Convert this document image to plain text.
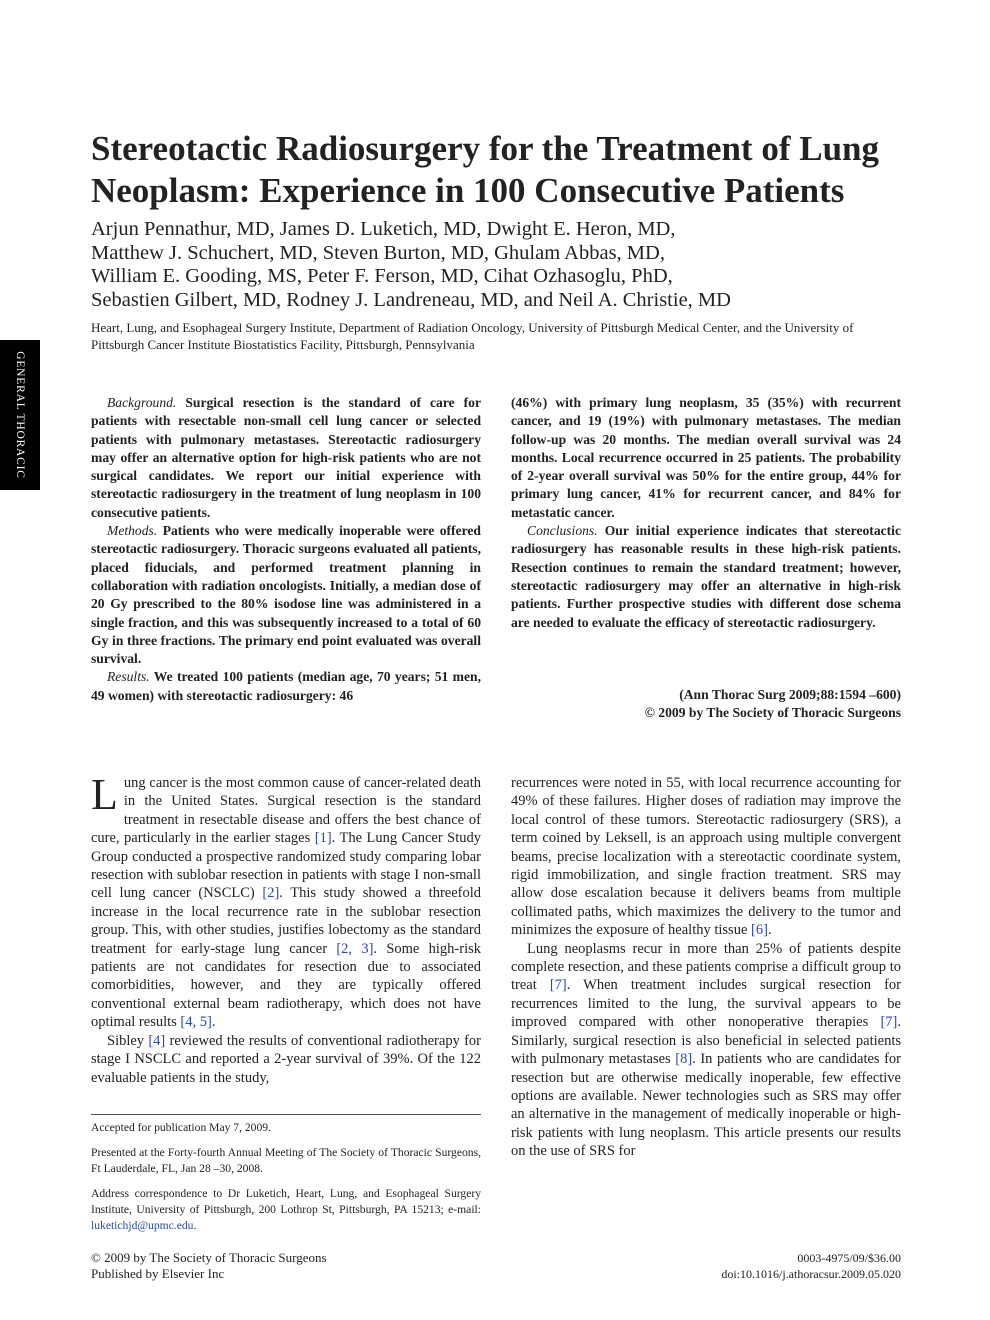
GENERAL THORACIC
Stereotactic Radiosurgery for the Treatment of Lung Neoplasm: Experience in 100 Consecutive Patients
Arjun Pennathur, MD, James D. Luketich, MD, Dwight E. Heron, MD,
Matthew J. Schuchert, MD, Steven Burton, MD, Ghulam Abbas, MD,
William E. Gooding, MS, Peter F. Ferson, MD, Cihat Ozhasoglu, PhD,
Sebastien Gilbert, MD, Rodney J. Landreneau, MD, and Neil A. Christie, MD
Heart, Lung, and Esophageal Surgery Institute, Department of Radiation Oncology, University of Pittsburgh Medical Center, and the University of Pittsburgh Cancer Institute Biostatistics Facility, Pittsburgh, Pennsylvania

Background. Surgical resection is the standard of care for patients with resectable non-small cell lung cancer or selected patients with pulmonary metastases. Stereotactic radiosurgery may offer an alternative option for high-risk patients who are not surgical candidates. We report our initial experience with stereotactic radiosurgery in the treatment of lung neoplasm in 100 consecutive patients.

Methods. Patients who were medically inoperable were offered stereotactic radiosurgery. Thoracic surgeons evaluated all patients, placed fiducials, and performed treatment planning in collaboration with radiation oncologists. Initially, a median dose of 20 Gy prescribed to the 80% isodose line was administered in a single fraction, and this was subsequently increased to a total of 60 Gy in three fractions. The primary end point evaluated was overall survival.

Results. We treated 100 patients (median age, 70 years; 51 men, 49 women) with stereotactic radiosurgery: 46

(46%) with primary lung neoplasm, 35 (35%) with recurrent cancer, and 19 (19%) with pulmonary metastases. The median follow-up was 20 months. The median overall survival was 24 months. Local recurrence occurred in 25 patients. The probability of 2-year overall survival was 50% for the entire group, 44% for primary lung cancer, 41% for recurrent cancer, and 84% for metastatic cancer.

Conclusions. Our initial experience indicates that stereotactic radiosurgery has reasonable results in these high-risk patients. Resection continues to remain the standard treatment; however, stereotactic radiosurgery may offer an alternative in high-risk patients. Further prospective studies with different dose schema are needed to evaluate the efficacy of stereotactic radiosurgery.

(Ann Thorac Surg 2009;88:1594 –600)
© 2009 by The Society of Thoracic Surgeons

Lung cancer is the most common cause of cancer-related death in the United States. Surgical resection is the standard treatment in resectable disease and offers the best chance of cure, particularly in the earlier stages [1]. The Lung Cancer Study Group conducted a prospective randomized study comparing lobar resection with sublobar resection in patients with stage I non-small cell lung cancer (NSCLC) [2]. This study showed a threefold increase in the local recurrence rate in the sublobar resection group. This, with other studies, justifies lobectomy as the standard treatment for early-stage lung cancer [2, 3]. Some high-risk patients are not candidates for resection due to associated comorbidities, however, and they are typically offered conventional external beam radiotherapy, which does not have optimal results [4, 5].

Sibley [4] reviewed the results of conventional radiotherapy for stage I NSCLC and reported a 2-year survival of 39%. Of the 122 evaluable patients in the study,

recurrences were noted in 55, with local recurrence accounting for 49% of these failures. Higher doses of radiation may improve the local control of these tumors. Stereotactic radiosurgery (SRS), a term coined by Leksell, is an approach using multiple convergent beams, precise localization with a stereotactic coordinate system, rigid immobilization, and single fraction treatment. SRS may allow dose escalation because it delivers beams from multiple collimated paths, which maximizes the delivery to the tumor and minimizes the exposure of healthy tissue [6].

Lung neoplasms recur in more than 25% of patients despite complete resection, and these patients comprise a difficult group to treat [7]. When treatment includes surgical resection for recurrences limited to the lung, the survival appears to be improved compared with other nonoperative therapies [7]. Similarly, surgical resection is also beneficial in selected patients with pulmonary metastases [8]. In patients who are candidates for resection but are otherwise medically inoperable, few effective options are available. Newer technologies such as SRS may offer an alternative in the management of medically inoperable or high-risk patients with lung neoplasm. This article presents our results on the use of SRS for

Accepted for publication May 7, 2009.

Presented at the Forty-fourth Annual Meeting of The Society of Thoracic Surgeons, Ft Lauderdale, FL, Jan 28 –30, 2008.

Address correspondence to Dr Luketich, Heart, Lung, and Esophageal Surgery Institute, University of Pittsburgh, 200 Lothrop St, Pittsburgh, PA 15213; e-mail: luketichjd@upmc.edu.

© 2009 by The Society of Thoracic Surgeons
Published by Elsevier Inc
0003-4975/09/$36.00
doi:10.1016/j.athoracsur.2009.05.020
